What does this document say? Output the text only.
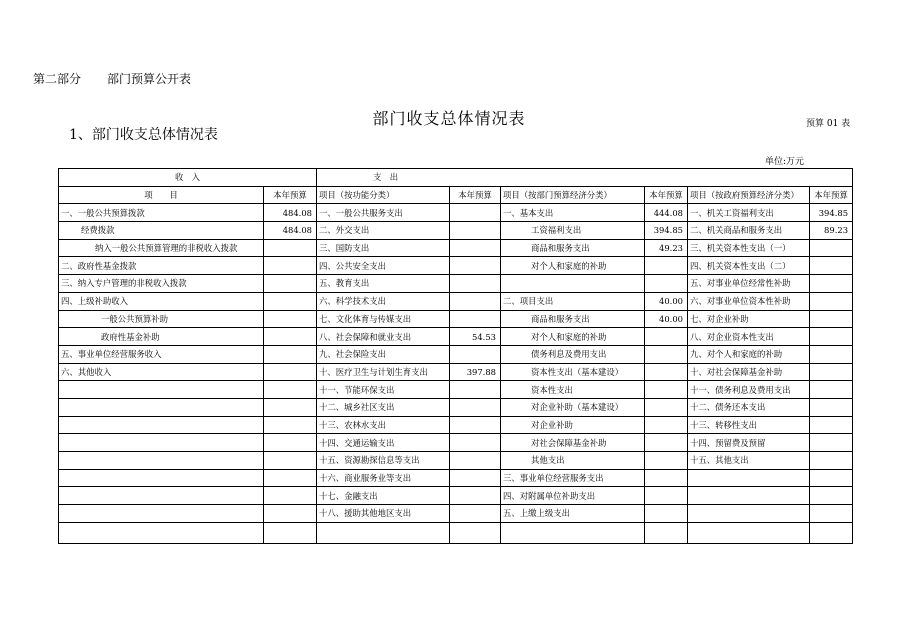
第二部分 部门预算公开表
1、部门收支总体情况表
部门收支总体情况表	预算 01 表
单位:万元
收　入		支　出					
项　　目	本年预算	项目（按功能分类）	本年预算	项目（按部门预算经济分类）	本年预算	项目（按政府预算经济分类）	本年预算
一、一般公共预算拨款	484.08	一、一般公共服务支出		一、基本支出	444.08	一、机关工资福利支出	394.85
经费拨款	484.08	二、外交支出		工资福利支出	394.85	二、机关商品和服务支出	89.23
纳入一般公共预算管理的非税收入拨款		三、国防支出		商品和服务支出	49.23	三、机关资本性支出（一）	
二、政府性基金拨款		四、公共安全支出		对个人和家庭的补助		四、机关资本性支出（二）	
三、纳入专户管理的非税收入拨款		五、教育支出				五、对事业单位经常性补助	
四、上级补助收入		六、科学技术支出		二、项目支出	40.00	六、对事业单位资本性补助	
一般公共预算补助		七、文化体育与传媒支出		商品和服务支出	40.00	七、对企业补助	
政府性基金补助		八、社会保障和就业支出	54.53	对个人和家庭的补助		八、对企业资本性支出	
五、事业单位经营服务收入		九、社会保险支出		债务利息及费用支出		九、对个人和家庭的补助	
六、其他收入		十、医疗卫生与计划生育支出	397.88	资本性支出（基本建设）		十、对社会保障基金补助	
		十一、节能环保支出		资本性支出		十一、债务利息及费用支出	
		十二、城乡社区支出		对企业补助（基本建设）		十二、债务还本支出	
		十三、农林水支出		对企业补助		十三、转移性支出	
		十四、交通运输支出		对社会保障基金补助		十四、预留费及预留	
		十五、资源勘探信息等支出		其他支出		十五、其他支出	
		十六、商业服务业等支出		三、事业单位经营服务支出			
		十七、金融支出		四、对附属单位补助支出			
		十八、援助其他地区支出		五、上缴上级支出			
